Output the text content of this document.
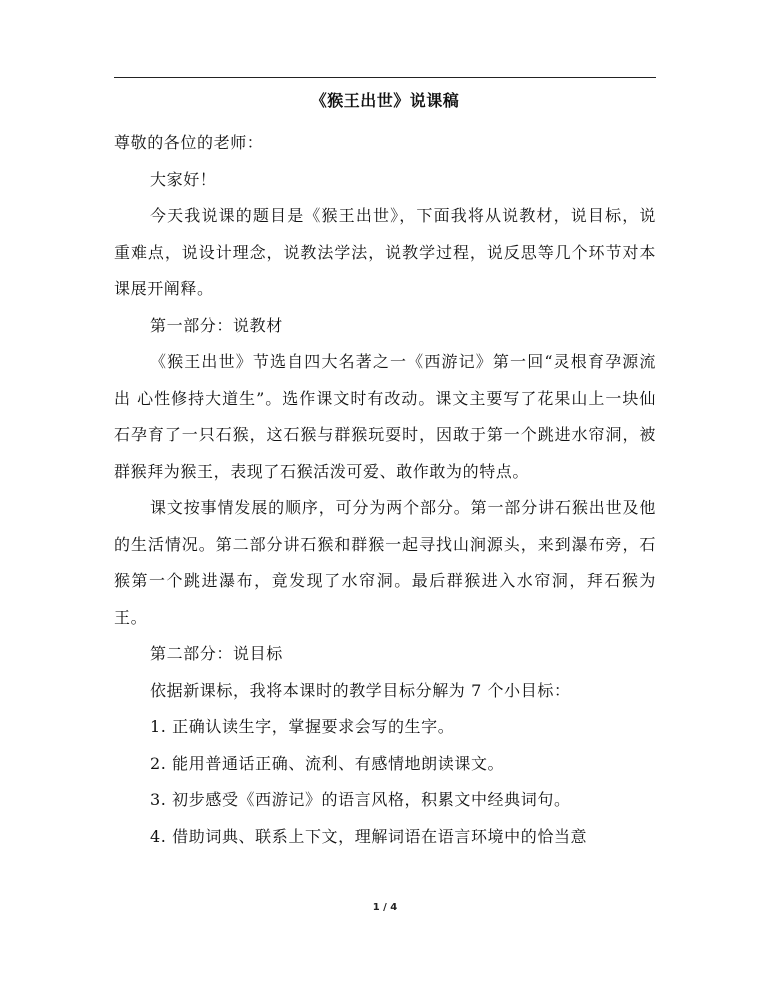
《猴王出世》说课稿

尊敬的各位的老师：

大家好！

今天我说课的题目是《猴王出世》，下面我将从说教材，说目标，说重难点，说设计理念，说教法学法，说教学过程，说反思等几个环节对本课展开阐释。

第一部分：说教材

《猴王出世》节选自四大名著之一《西游记》第一回“灵根育孕源流出 心性修持大道生”。选作课文时有改动。课文主要写了花果山上一块仙石孕育了一只石猴，这石猴与群猴玩耍时，因敢于第一个跳进水帘洞，被群猴拜为猴王，表现了石猴活泼可爱、敢作敢为的特点。

课文按事情发展的顺序，可分为两个部分。第一部分讲石猴出世及他的生活情况。第二部分讲石猴和群猴一起寻找山涧源头，来到瀑布旁，石猴第一个跳进瀑布，竟发现了水帘洞。最后群猴进入水帘洞，拜石猴为王。

第二部分：说目标

依据新课标，我将本课时的教学目标分解为 7 个小目标：

1. 正确认读生字，掌握要求会写的生字。

2. 能用普通话正确、流利、有感情地朗读课文。

3. 初步感受《西游记》的语言风格，积累文中经典词句。

4. 借助词典、联系上下文，理解词语在语言环境中的恰当意

1 / 4
